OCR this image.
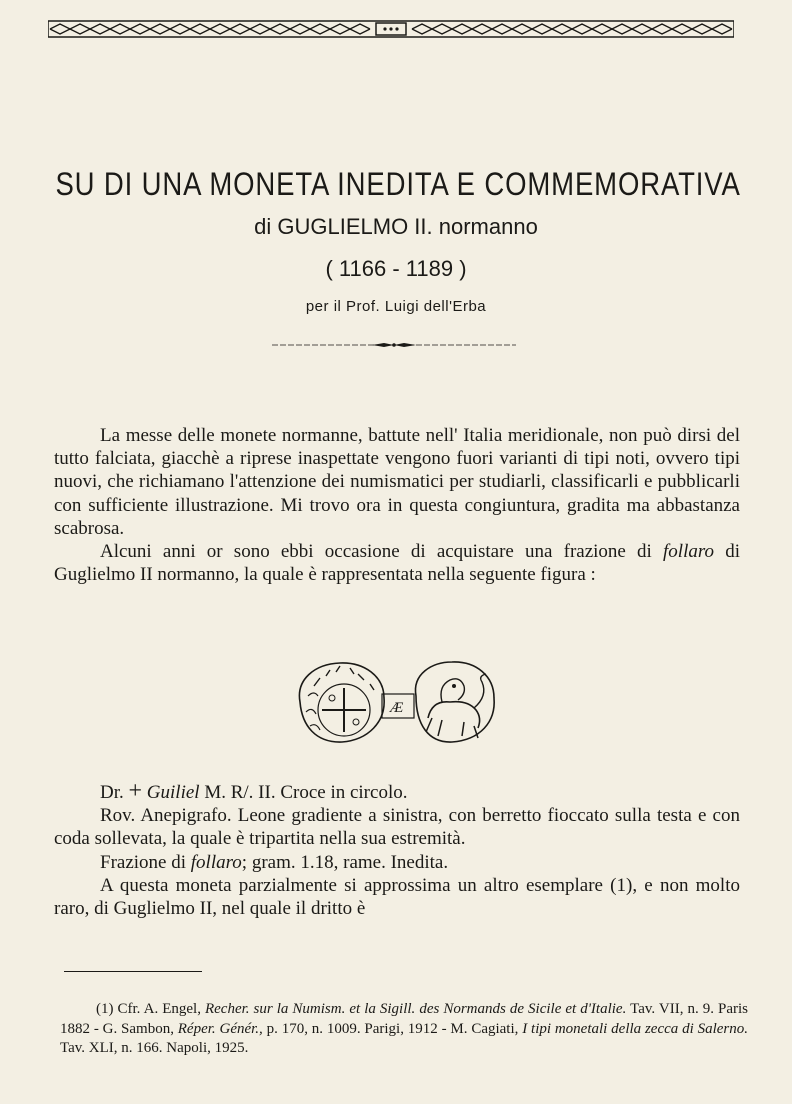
SU DI UNA MONETA INEDITA E COMMEMORATIVA
di GUGLIELMO II. normanno
( 1166 - 1189 )
per il Prof. Luigi dell'Erba

La messe delle monete normanne, battute nell' Italia meridionale, non può dirsi del tutto falciata, giacchè a riprese inaspettate vengono fuori varianti di tipi noti, ovvero tipi nuovi, che richiamano l'attenzione dei numismatici per studiarli, classificarli e pubblicarli con sufficiente illustrazione. Mi trovo ora in questa congiuntura, gradita ma abbastanza scabrosa.

Alcuni anni or sono ebbi occasione di acquistare una frazione di follaro di Guglielmo II normanno, la quale è rappresentata nella seguente figura :

Æ

Dr. + Guiliel M. R/. II. Croce in circolo.

Rov. Anepigrafo. Leone gradiente a sinistra, con berretto fioccato sulla testa e con coda sollevata, la quale è tripartita nella sua estremità.

Frazione di follaro; gram. 1.18, rame. Inedita.

A questa moneta parzialmente si approssima un altro esemplare (1), e non molto raro, di Guglielmo II, nel quale il dritto è

(1) Cfr. A. Engel, Recher. sur la Numism. et la Sigill. des Normands de Sicile et d'Italie. Tav. VII, n. 9. Paris 1882 - G. Sambon, Réper. Génér., p. 170, n. 1009. Parigi, 1912 - M. Cagiati, I tipi monetali della zecca di Salerno. Tav. XLI, n. 166. Napoli, 1925.
